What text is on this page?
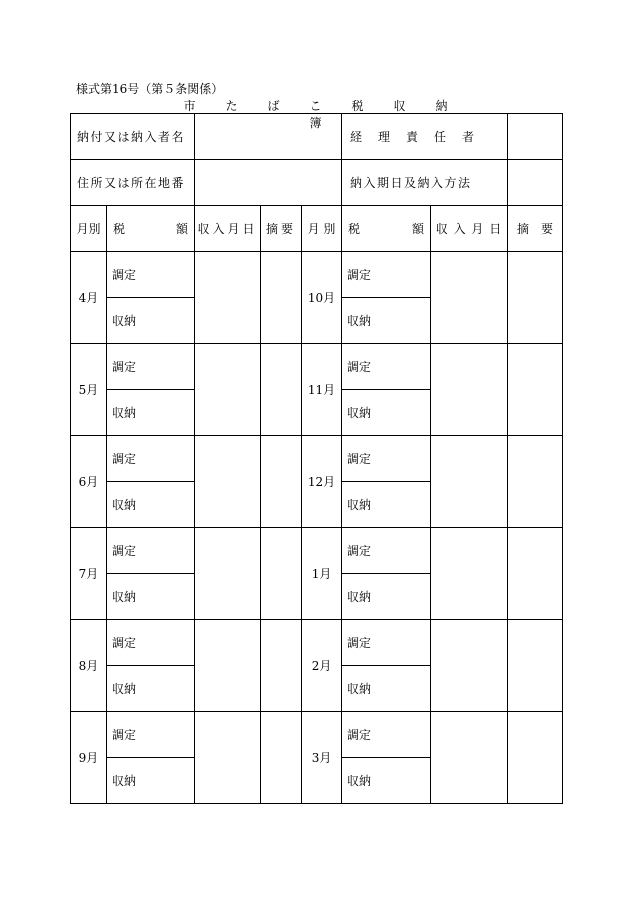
様式第16号（第５条関係）
市　た　ば　こ　税　収　納　簿
納付又は納入者名					経　理　責　任　者		

住所又は所在地番					納入期日及納入方法		
月別	税　　額	収入月日	摘要	月 別	税　　額	収 入 月 日	摘　要
4月	調定			10月	調定		
	収納				収納		
5月	調定			11月	調定		
	収納				収納		
6月	調定			12月	調定		
	収納				収納		
7月	調定			1月	調定		
	収納				収納		
8月	調定			2月	調定		
	収納				収納		
9月	調定			3月	調定		
	収納				収納		
